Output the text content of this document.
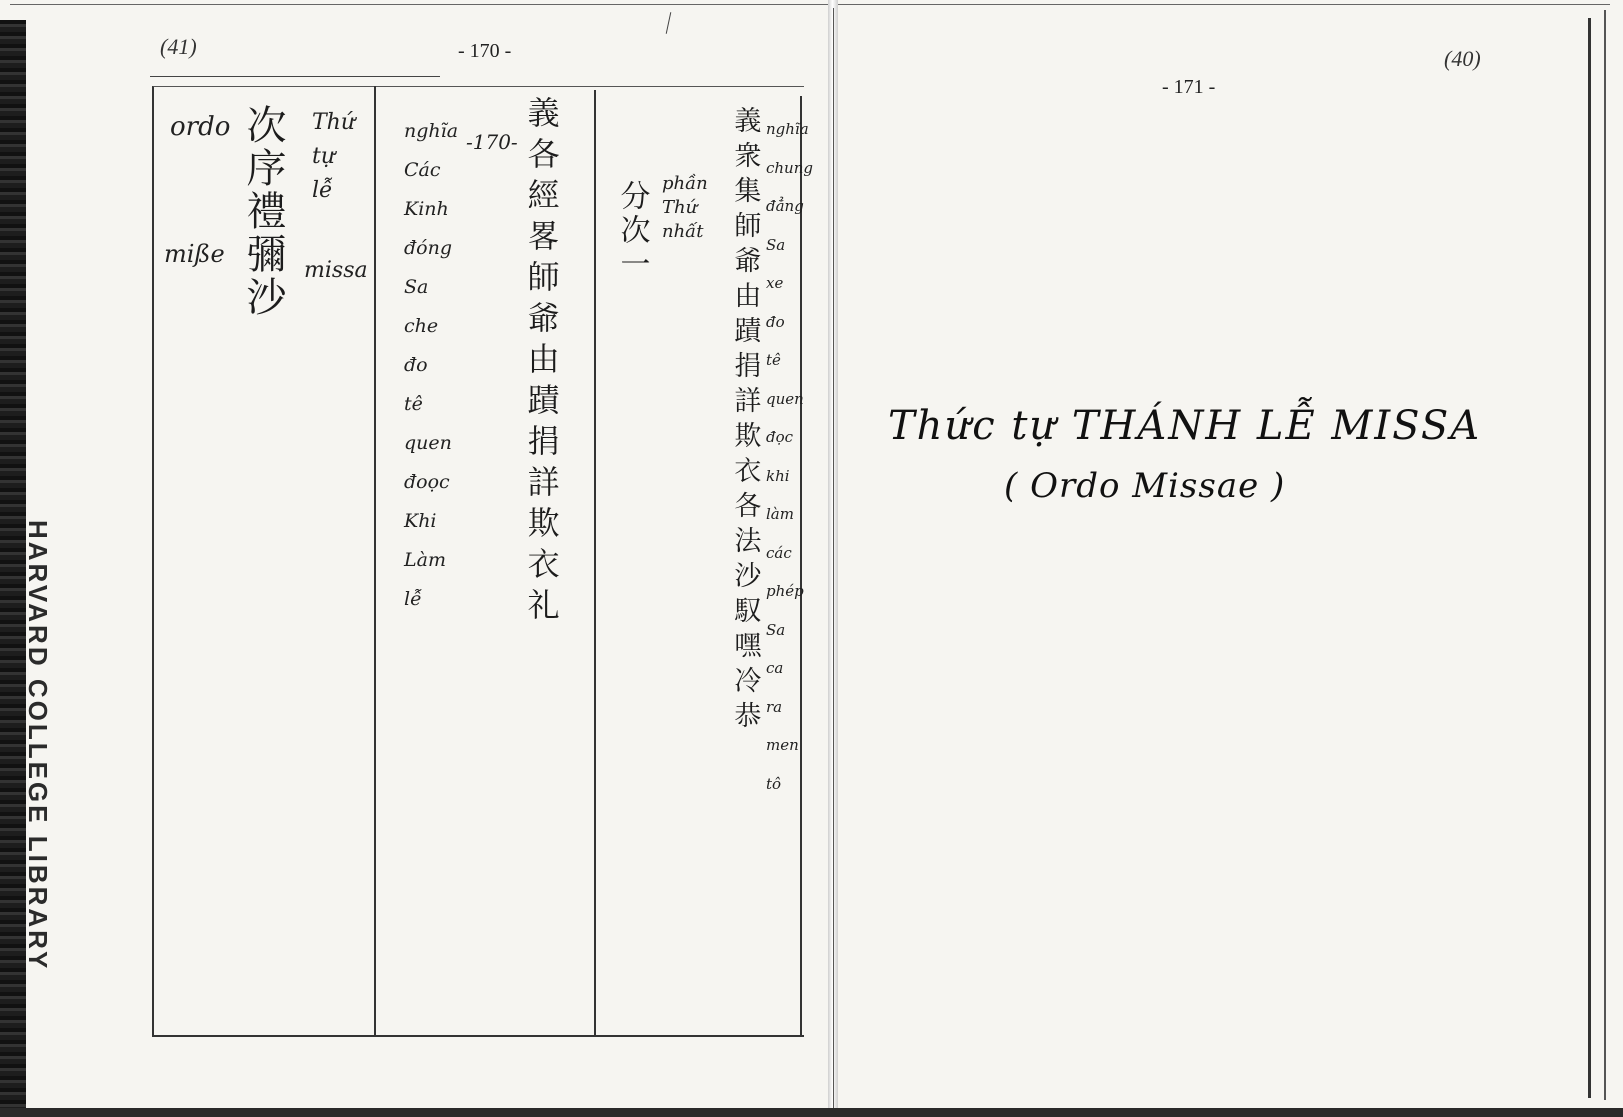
HARVARD COLLEGE LIBRARY
(41)	- 170 -
ordo
miße 次序禮彌沙 Thứ
tự
lễ
missa
nghĩa
Các
Kinh
đóng
Sa
che
đo
tê
quen
đoọc
Khi
Làm
lễ
-170- 義各經畧師爺由蹟捐詳欺衣礼 分次一 phần
Thứ
nhất 義衆集師爺由蹟捐詳欺衣各法沙馭嘿冷恭 nghĩa
chung
đẳng
Sa
xe
đo
tê
quen
đọc
khi
làm
các
phép
Sa
ca
ra
men
tô
(40)
- 171 -
Thức tự THÁNH LỄ MISSA
( Ordo Missae )
